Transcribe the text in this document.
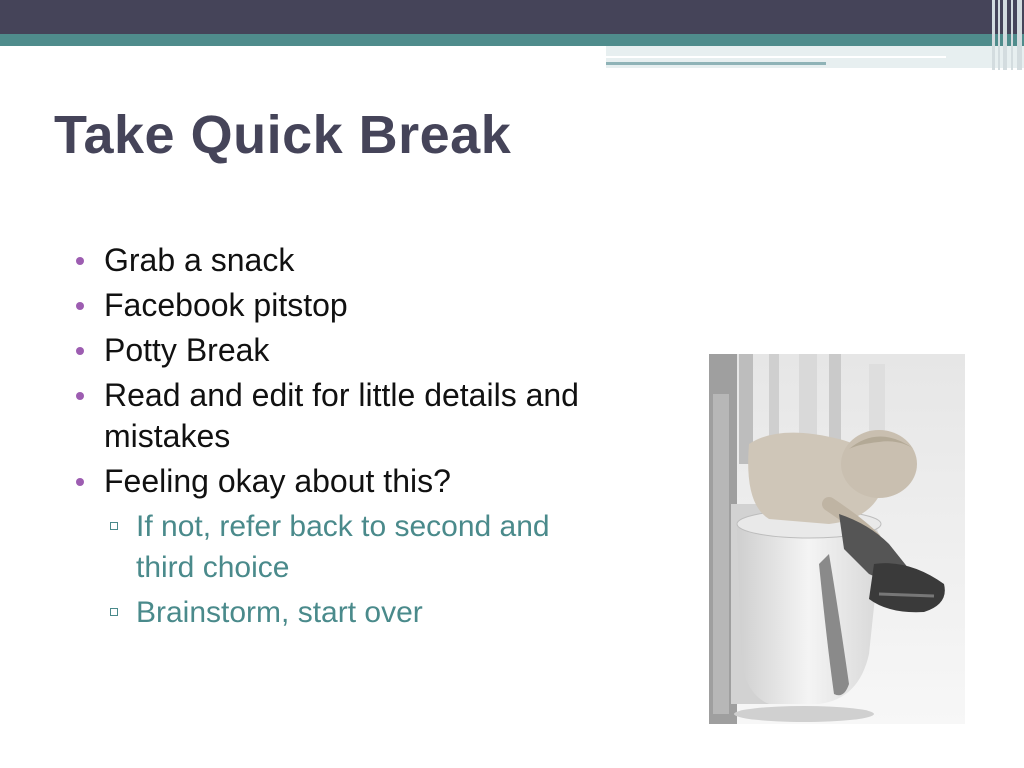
Take Quick Break
Grab a snack
Facebook pitstop
Potty Break
Read and edit for little details and mistakes
Feeling okay about this?
If not, refer back to second and third choice
Brainstorm, start over
